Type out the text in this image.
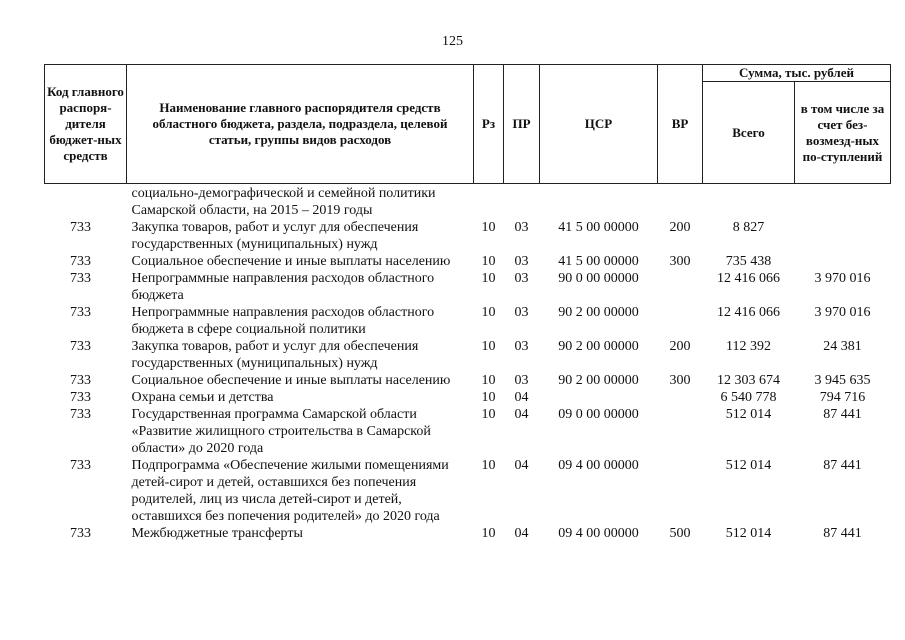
125
Код главного распоря-дителя бюджет-ных средств	Наименование главного распорядителя средств областного бюджета, раздела, подраздела, целевой статьи, группы видов расходов	Рз	ПР	ЦСР	ВР	Сумма, тыс. рублей	
						Всего	в том числе за счет без-возмезд-ных по-ступлений
	социально-демографической и семейной политики Самарской области, на 2015 – 2019 годы						
733	Закупка товаров, работ и услуг для обеспечения государственных (муниципальных) нужд	10	03	41 5 00 00000	200	8 827	
733	Социальное обеспечение и иные выплаты населению	10	03	41 5 00 00000	300	735 438	
733	Непрограммные направления расходов областного бюджета	10	03	90 0 00 00000		12 416 066	3 970 016
733	Непрограммные направления расходов областного бюджета в сфере социальной политики	10	03	90 2 00 00000		12 416 066	3 970 016
733	Закупка товаров, работ и услуг для обеспечения государственных (муниципальных) нужд	10	03	90 2 00 00000	200	112 392	24 381
733	Социальное обеспечение и иные выплаты населению	10	03	90 2 00 00000	300	12 303 674	3 945 635
733	Охрана семьи и детства	10	04			6 540 778	794 716
733	Государственная программа Самарской области «Развитие жилищного строительства в Самарской области» до 2020 года	10	04	09 0 00 00000		512 014	87 441
733	Подпрограмма «Обеспечение жилыми помещениями детей-сирот и детей, оставшихся без попечения родителей, лиц из числа детей-сирот и детей, оставшихся без попечения родителей» до 2020 года	10	04	09 4 00 00000		512 014	87 441
733	Межбюджетные трансферты	10	04	09 4 00 00000	500	512 014	87 441
